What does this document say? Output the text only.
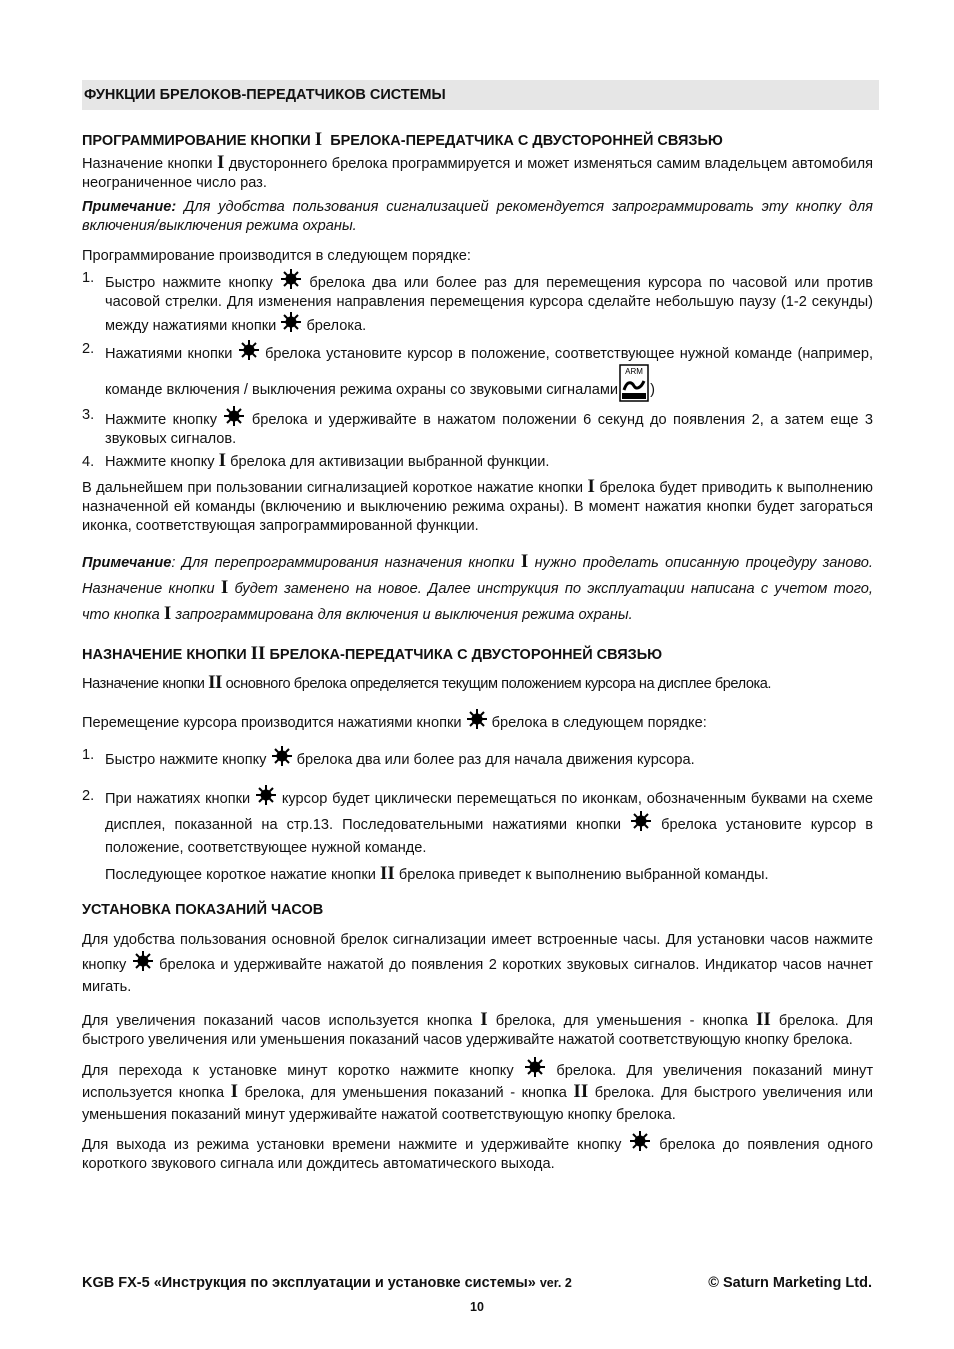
ФУНКЦИИ БРЕЛОКОВ-ПЕРЕДАТЧИКОВ СИСТЕМЫ
ПРОГРАММИРОВАНИЕ КНОПКИ I БРЕЛОКА-ПЕРЕДАТЧИКА С ДВУСТОРОННЕЙ СВЯЗЬЮ

Назначение кнопки I двустороннего брелока программируется и может изменяться самим владельцем автомобиля неограниченное число раз.

Примечание: Для удобства пользования сигнализацией рекомендуется запрограммировать эту кнопку для включения/выключения режима охраны.

Программирование производится в следующем порядке:

1. Быстро нажмите кнопку	брелока два или более раз для перемещения курсора по часовой или против часовой стрелки. Для изменения направления перемещения курсора сделайте небольшую паузу (1-2 секунды) между нажатиями кнопки брелока.
2. Нажатиями кнопки брелока установите курсор в положение, соответствующее нужной команде (например, команде включения / выключения режима охраны со звуковыми сигналами
ARM
)
3. Нажмите кнопку брелока и удерживайте в нажатом положении 6 секунд до появления 2, а затем еще 3 звуковых сигналов.
4. Нажмите кнопку I брелока для активизации выбранной функции.

В дальнейшем при пользовании сигнализацией короткое нажатие кнопки I брелока будет приводить к выполнению назначенной ей команды (включению и выключению режима охраны). В момент нажатия кнопки будет загораться иконка, соответствующая запрограммированной функции.

Примечание: Для перепрограммирования назначения кнопки I нужно проделать описанную процедуру заново. Назначение кнопки I будет заменено на новое. Далее инструкция по эксплуатации написана с учетом того, что кнопка I запрограммирована для включения и выключения режима охраны.

НАЗНАЧЕНИЕ КНОПКИ II БРЕЛОКА-ПЕРЕДАТЧИКА С ДВУСТОРОННЕЙ СВЯЗЬЮ

Назначение кнопки II основного брелока определяется текущим положением курсора на дисплее брелока.

Перемещение курсора производится нажатиями кнопки брелока в следующем порядке:

1. Быстро нажмите кнопку брелока два или более раз для начала движения курсора.
2. При нажатиях кнопки курсор будет циклически перемещаться по иконкам, обозначенным буквами на схеме дисплея, показанной на стр.13. Последовательными нажатиями кнопки	брелока установите курсор в положение, соответствующее нужной команде.
Последующее короткое нажатие кнопки II брелока приведет к выполнению выбранной команды.
УСТАНОВКА ПОКАЗАНИЙ ЧАСОВ

Для удобства пользования основной брелок сигнализации имеет встроенные часы. Для установки часов нажмите кнопку брелока и удерживайте нажатой до появления 2 коротких звуковых сигналов. Индикатор часов начнет мигать.

Для увеличения показаний часов используется кнопка I брелока, для уменьшения - кнопка II брелока. Для быстрого увеличения или уменьшения показаний часов удерживайте нажатой соответствующую кнопку брелока.

Для перехода к установке минут коротко нажмите кнопку	брелока. Для увеличения показаний минут используется кнопка I брелока, для уменьшения показаний - кнопка II брелока. Для быстрого увеличения или уменьшения показаний минут удерживайте нажатой соответствующую кнопку брелока.

Для выхода из режима установки времени нажмите и удерживайте кнопку	брелока до появления одного короткого звукового сигнала или дождитесь автоматического выхода.

KGB FX-5 «Инструкция по эксплуатации и установке системы» ver. 2	© Saturn Marketing Ltd.
10
